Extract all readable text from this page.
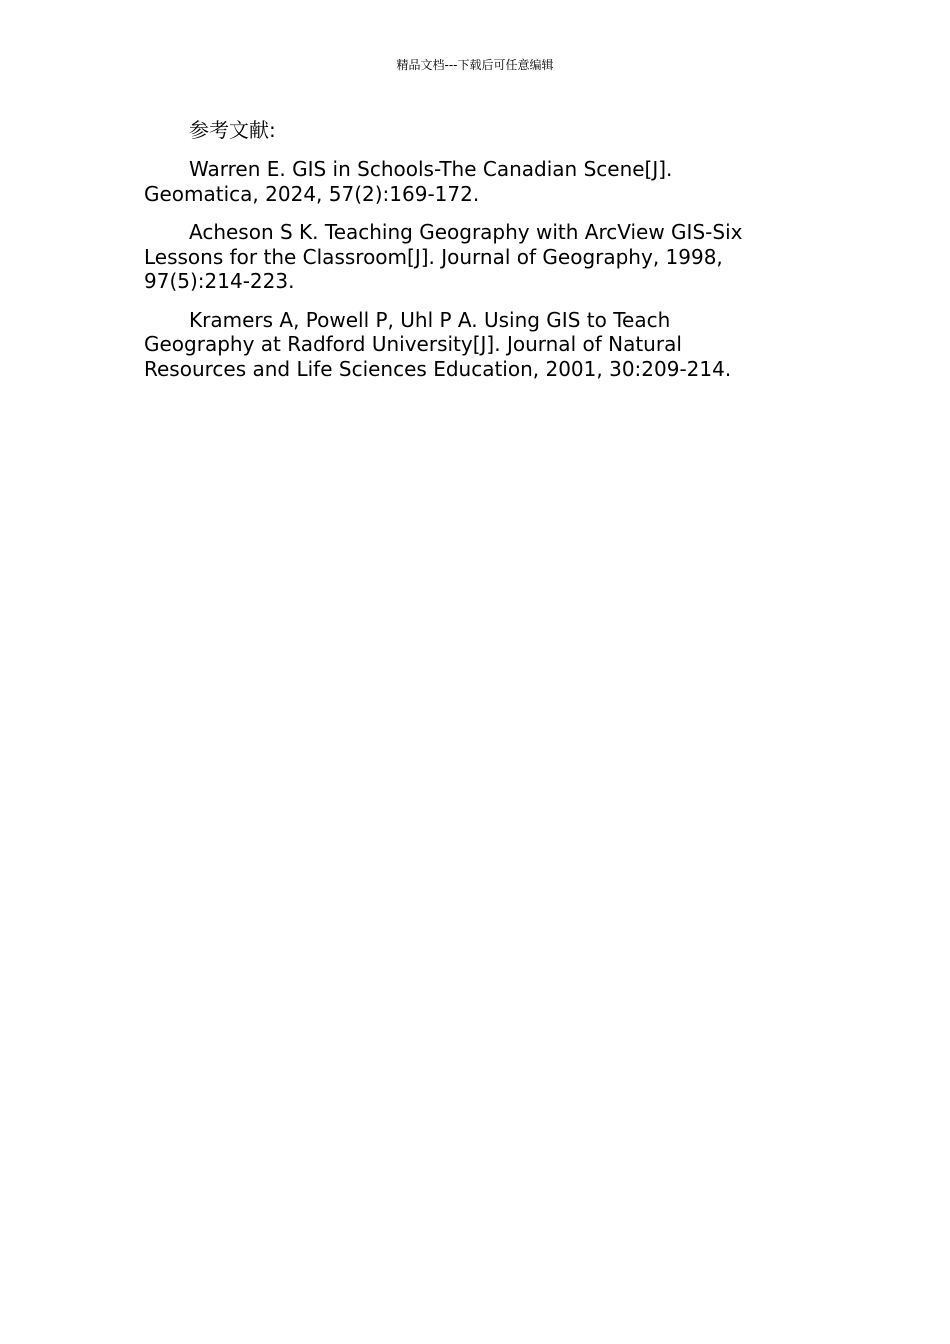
精品文档---下载后可任意编辑

参考文献:

Warren E. GIS in Schools-The Canadian Scene[J]. Geomatica, 2024, 57(2):169-172.

Acheson S K. Teaching Geography with ArcView GIS-Six Lessons for the Classroom[J]. Journal of Geography, 1998, 97(5):214-223.

Kramers A, Powell P, Uhl P A. Using GIS to Teach Geography at Radford University[J]. Journal of Natural Resources and Life Sciences Education, 2001, 30:209-214.
